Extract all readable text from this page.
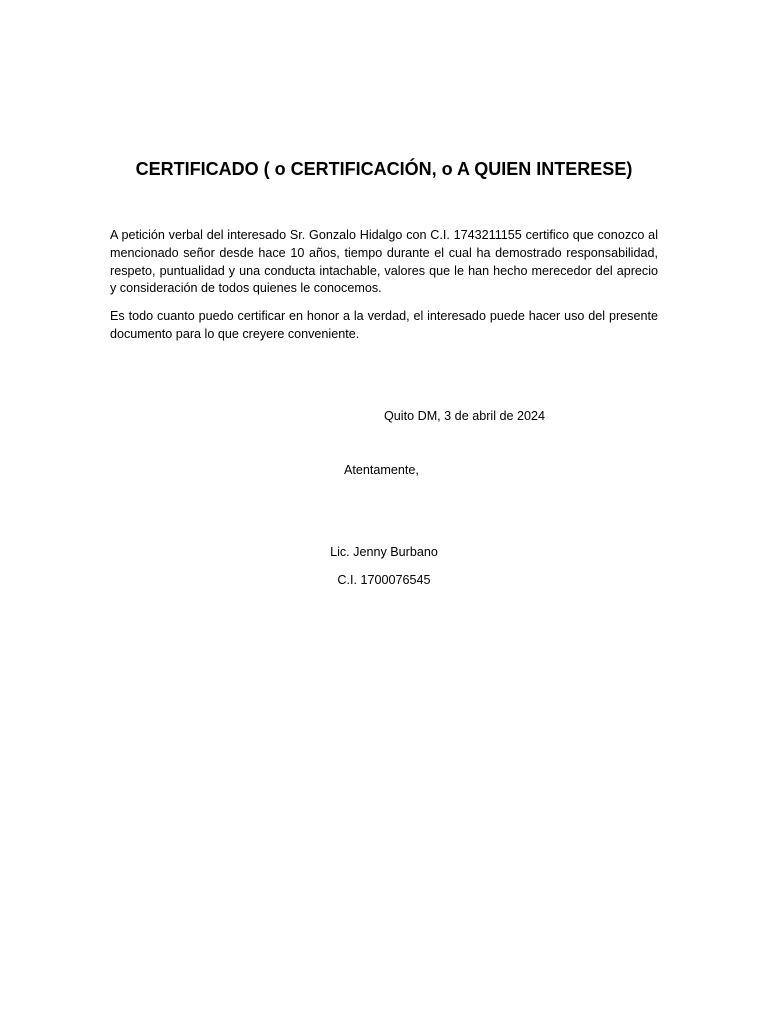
CERTIFICADO ( o CERTIFICACIÓN, o A QUIEN INTERESE)

A petición verbal del interesado Sr. Gonzalo Hidalgo con C.I. 1743211155 certifico que conozco al mencionado señor desde hace 10 años, tiempo durante el cual ha demostrado responsabilidad, respeto, puntualidad y una conducta intachable, valores que le han hecho merecedor del aprecio y consideración de todos quienes le conocemos.

Es todo cuanto puedo certificar en honor a la verdad, el interesado puede hacer uso del presente documento para lo que creyere conveniente.

Quito DM, 3 de abril de 2024

Atentamente,

Lic. Jenny Burbano

C.I. 1700076545
